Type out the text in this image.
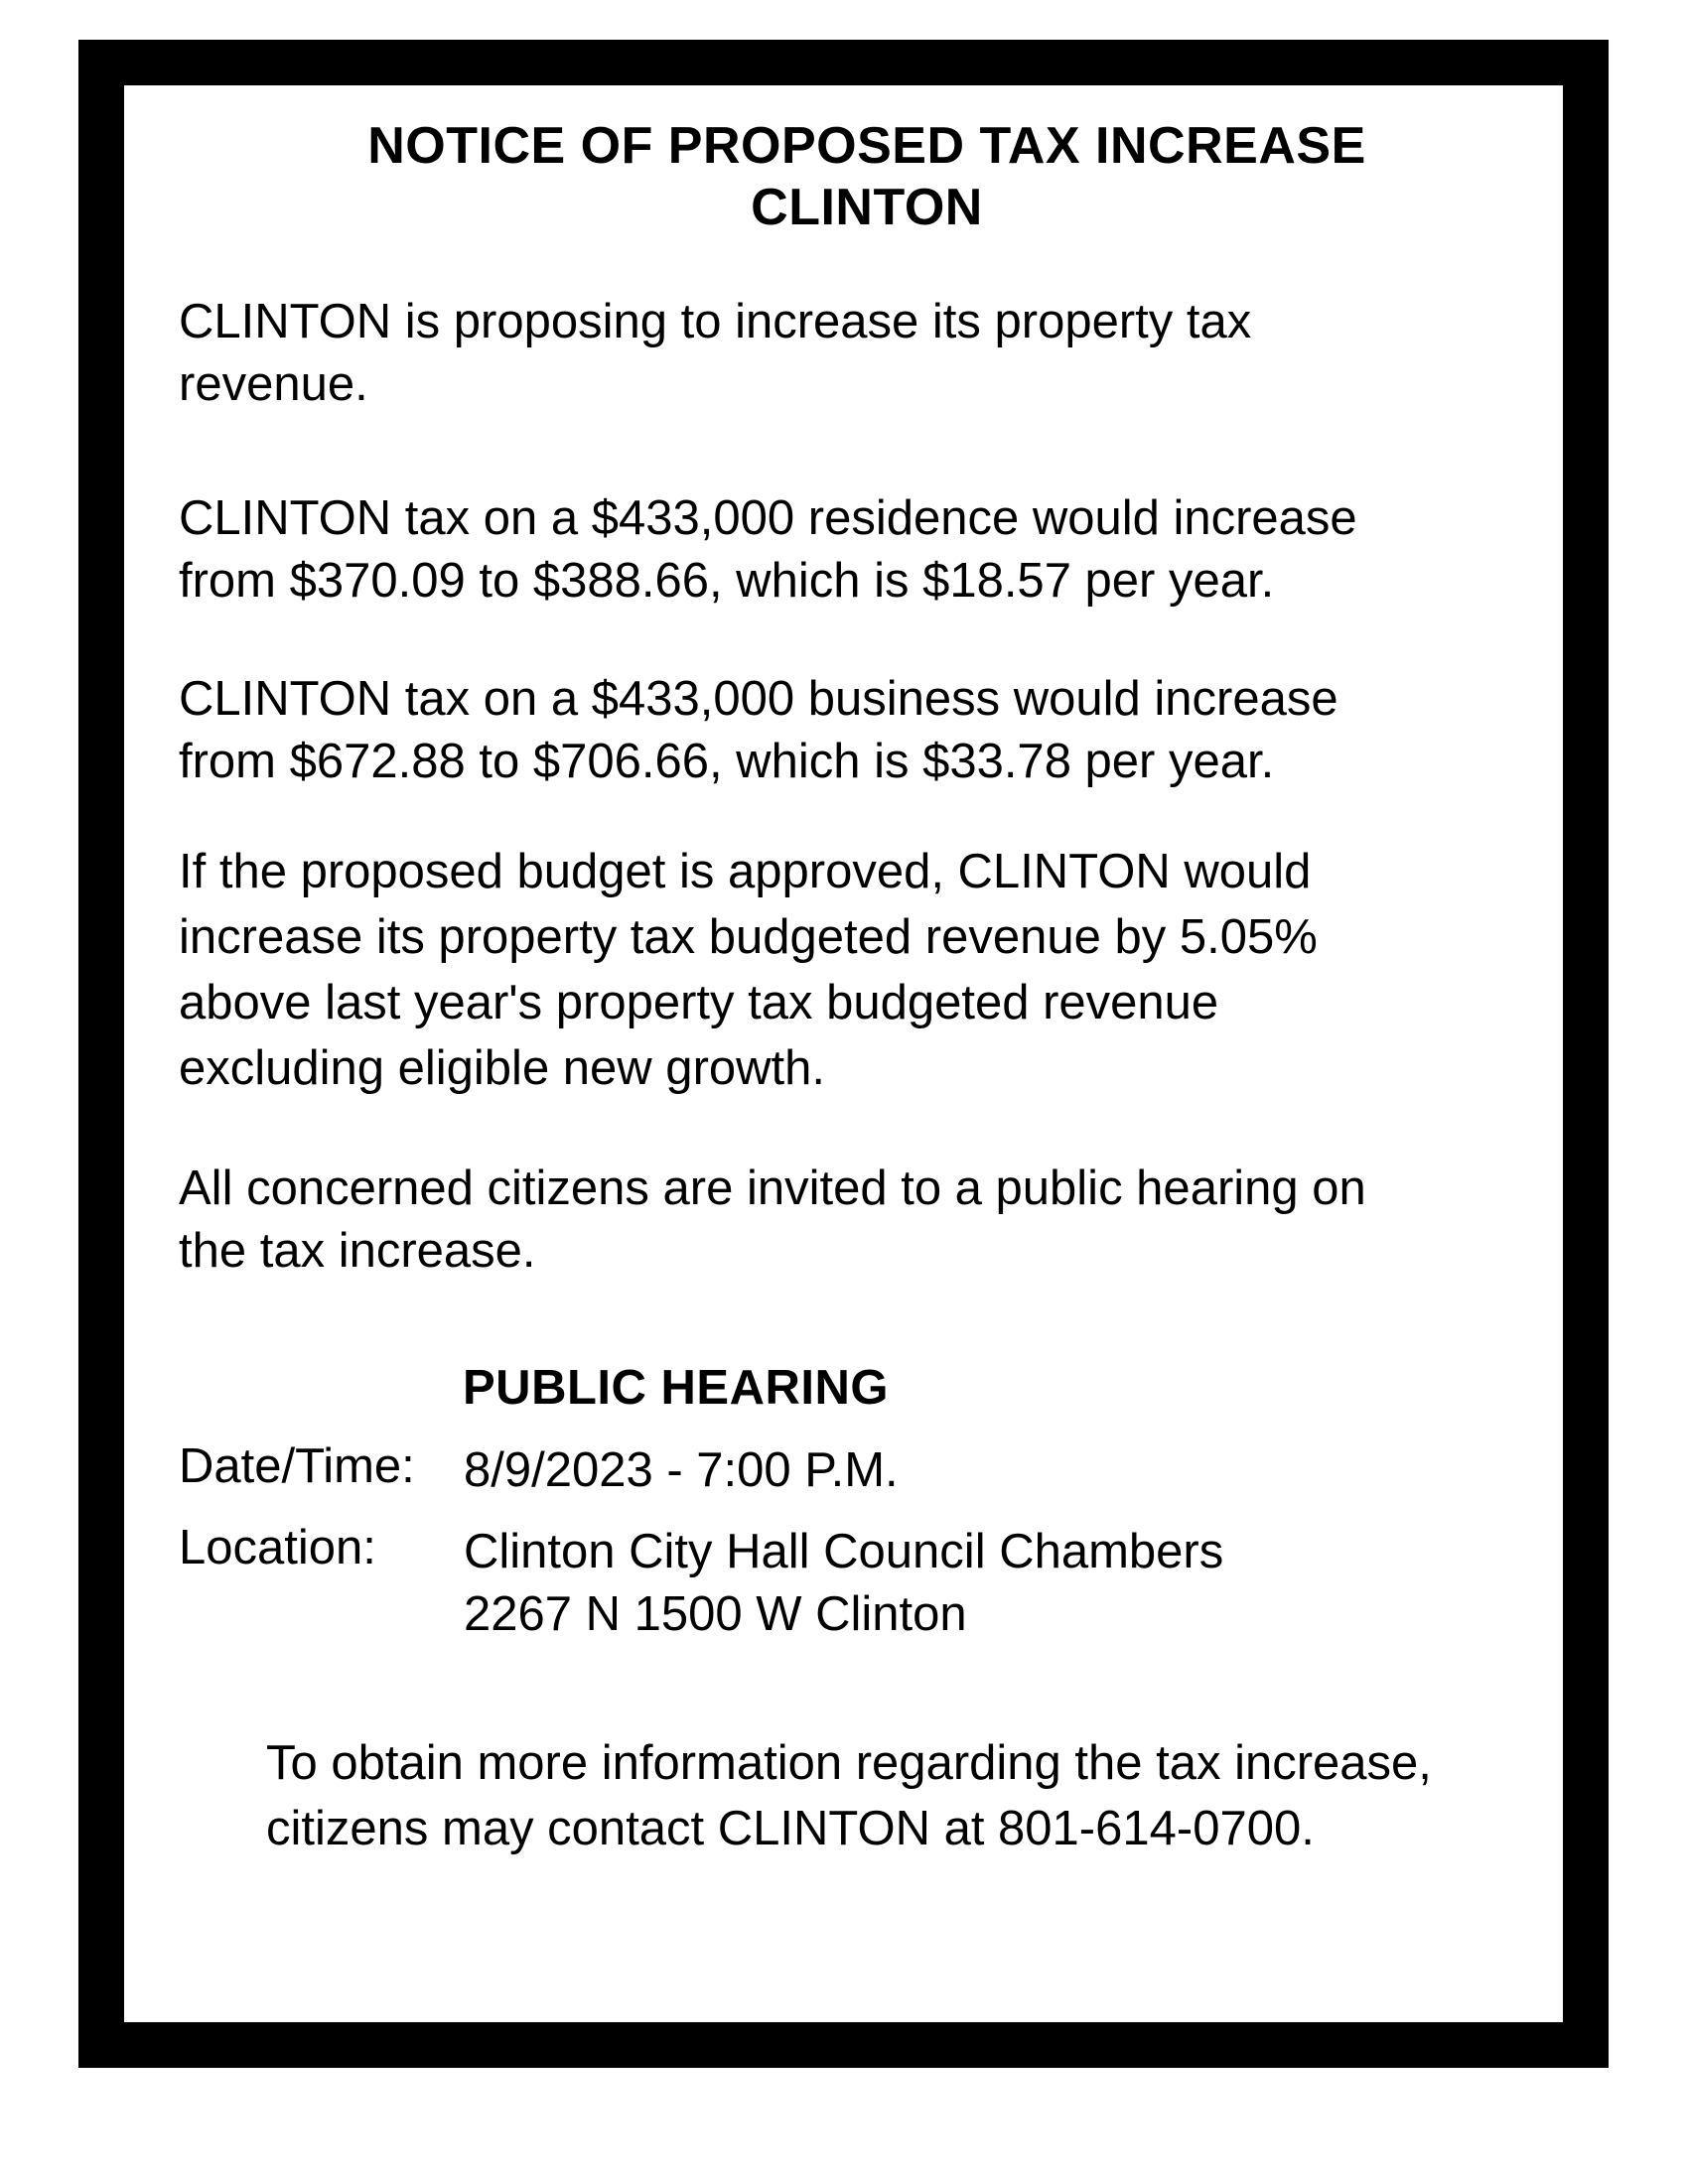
NOTICE OF PROPOSED TAX INCREASE
CLINTON
CLINTON is proposing to increase its property tax
revenue.
CLINTON tax on a $433,000 residence would increase
from $370.09 to $388.66, which is $18.57 per year.
CLINTON tax on a $433,000 business would increase
from $672.88 to $706.66, which is $33.78 per year.
If the proposed budget is approved, CLINTON would
increase its property tax budgeted revenue by 5.05%
above last year's property tax budgeted revenue
excluding eligible new growth.
All concerned citizens are invited to a public hearing on
the tax increase.
PUBLIC HEARING
Date/Time: 8/9/2023 - 7:00 P.M.
Location: Clinton City Hall Council Chambers
2267 N 1500 W Clinton
To obtain more information regarding the tax increase,
citizens may contact CLINTON at 801-614-0700.
